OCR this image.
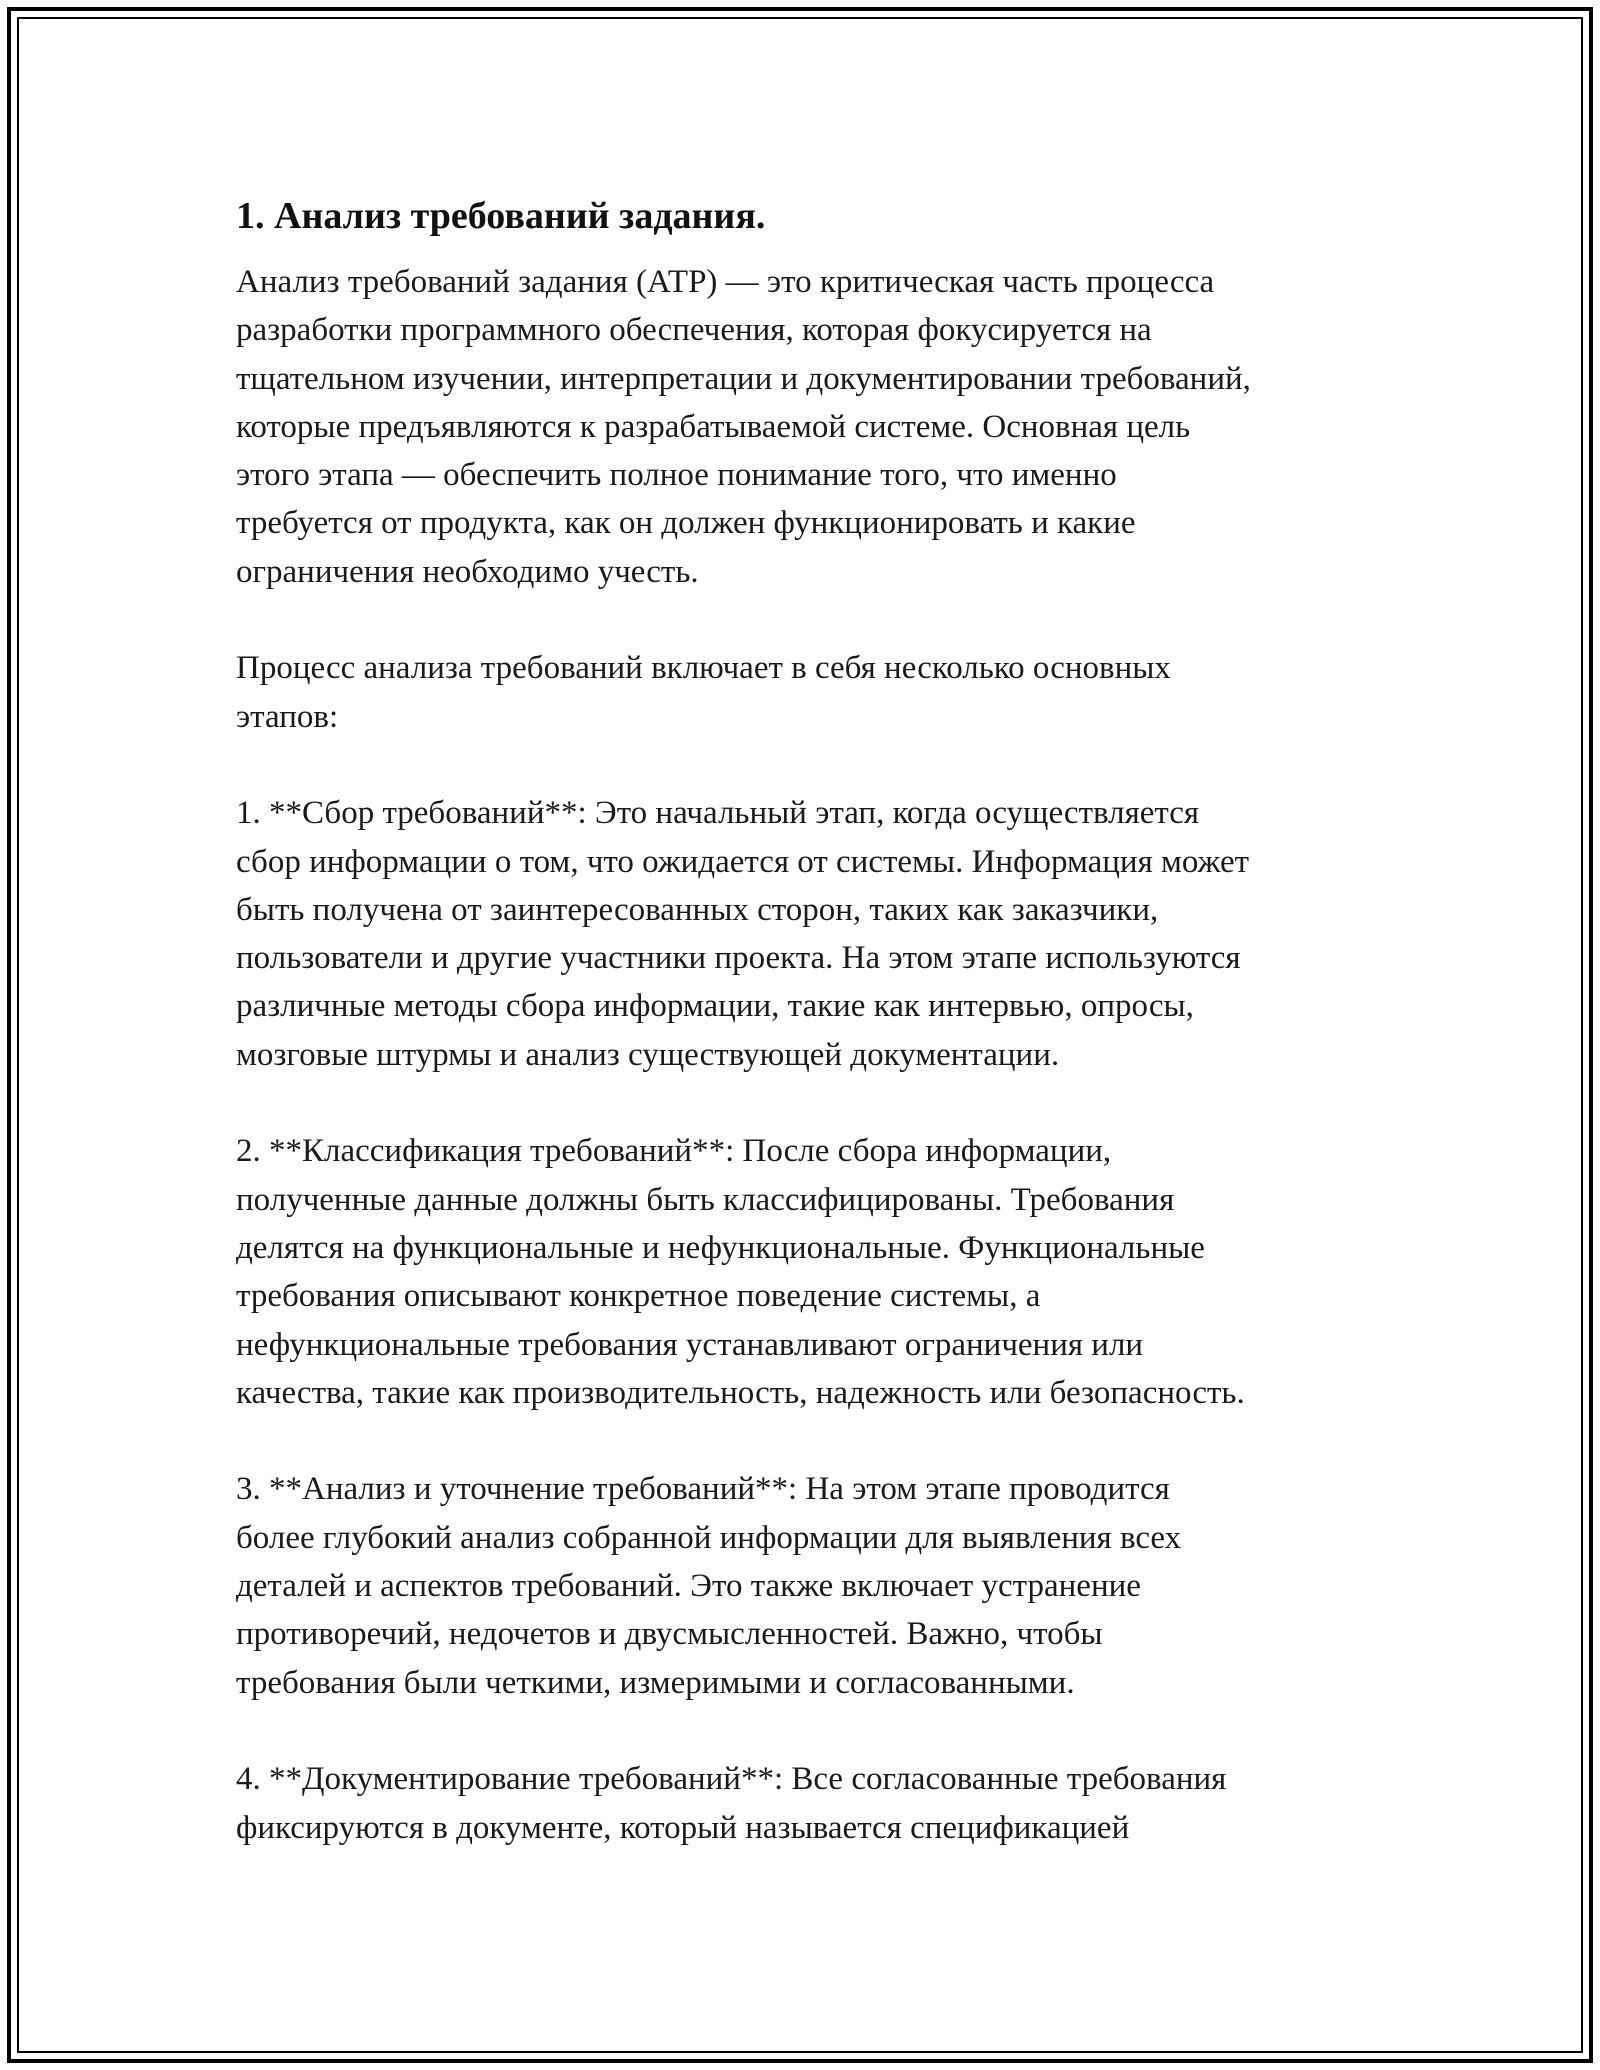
1. Анализ требований задания.

Анализ требований задания (АТР) — это критическая часть процесса
разработки программного обеспечения, которая фокусируется на
тщательном изучении, интерпретации и документировании требований,
которые предъявляются к разрабатываемой системе. Основная цель
этого этапа — обеспечить полное понимание того, что именно
требуется от продукта, как он должен функционировать и какие
ограничения необходимо учесть.

Процесс анализа требований включает в себя несколько основных
этапов:

1. **Сбор требований**: Это начальный этап, когда осуществляется
сбор информации о том, что ожидается от системы. Информация может
быть получена от заинтересованных сторон, таких как заказчики,
пользователи и другие участники проекта. На этом этапе используются
различные методы сбора информации, такие как интервью, опросы,
мозговые штурмы и анализ существующей документации.

2. **Классификация требований**: После сбора информации,
полученные данные должны быть классифицированы. Требования
делятся на функциональные и нефункциональные. Функциональные
требования описывают конкретное поведение системы, а
нефункциональные требования устанавливают ограничения или
качества, такие как производительность, надежность или безопасность.

3. **Анализ и уточнение требований**: На этом этапе проводится
более глубокий анализ собранной информации для выявления всех
деталей и аспектов требований. Это также включает устранение
противоречий, недочетов и двусмысленностей. Важно, чтобы
требования были четкими, измеримыми и согласованными.

4. **Документирование требований**: Все согласованные требования
фиксируются в документе, который называется спецификацией
